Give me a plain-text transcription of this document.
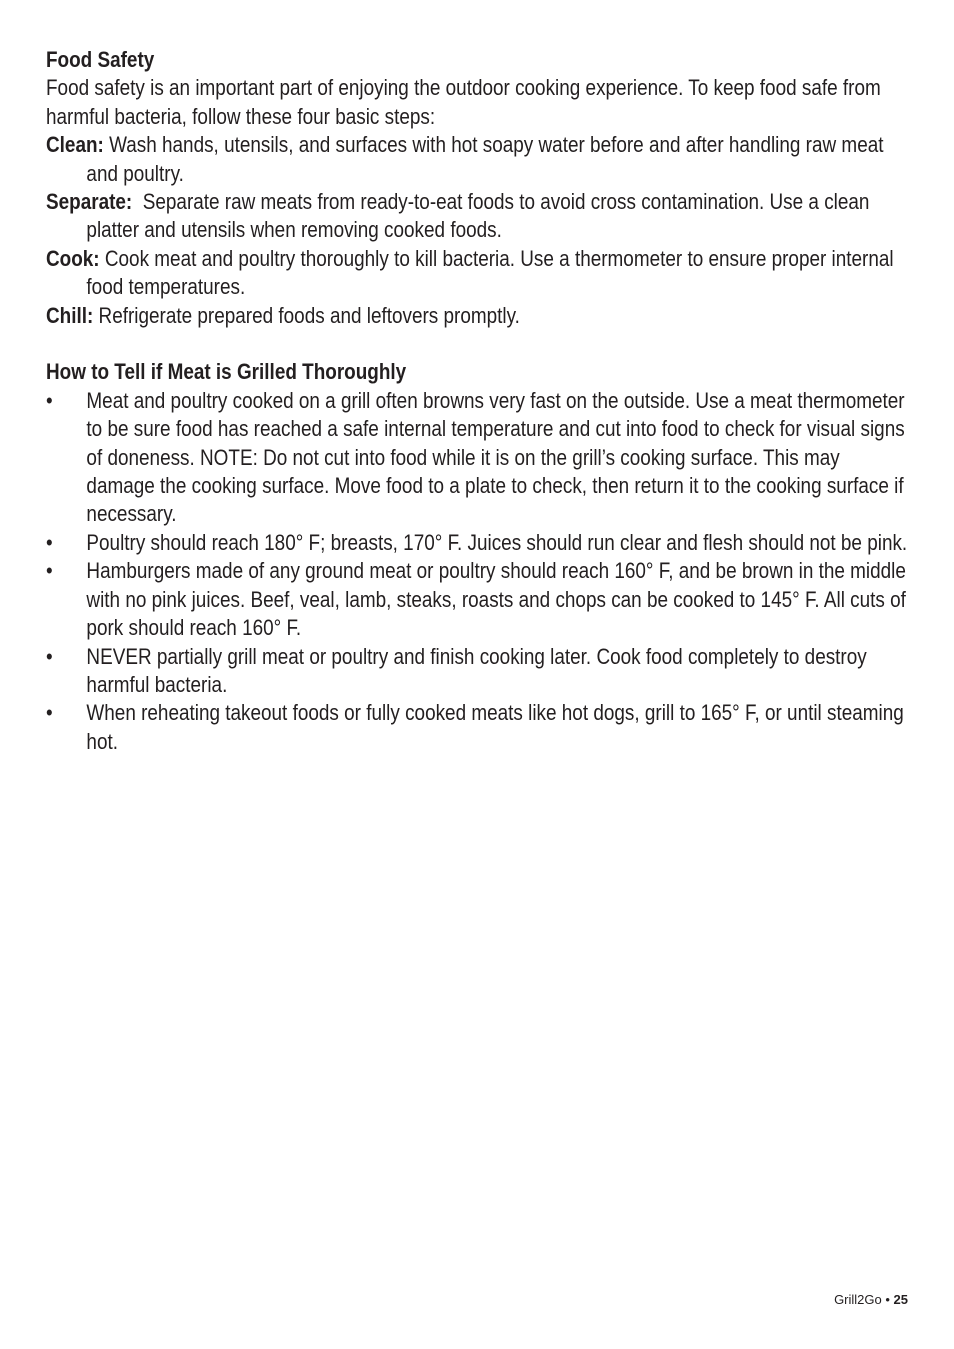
Food Safety

Food safety is an important part of enjoying the outdoor cooking experience. To keep food safe from harmful bacteria, follow these four basic steps:

Clean: Wash hands, utensils, and surfaces with hot soapy water before and after handling raw meat and poultry.

Separate:  Separate raw meats from ready-to-eat foods to avoid cross contamination. Use a clean platter and utensils when removing cooked foods.

Cook: Cook meat and poultry thoroughly to kill bacteria. Use a thermometer to ensure proper internal food temperatures.

Chill: Refrigerate prepared foods and leftovers promptly.

How to Tell if Meat is Grilled Thoroughly
• Meat and poultry cooked on a grill often browns very fast on the outside. Use a meat thermometer to be sure food has reached a safe internal temperature and cut into food to check for visual signs of doneness. NOTE: Do not cut into food while it is on the grill’s cooking surface. This may damage the cooking surface. Move food to a plate to check, then return it to the cooking surface if necessary.
• Poultry should reach 180° F; breasts, 170° F. Juices should run clear and flesh should not be pink.
• Hamburgers made of any ground meat or poultry should reach 160° F, and be brown in the middle with no pink juices. Beef, veal, lamb, steaks, roasts and chops can be cooked to 145° F. All cuts of pork should reach 160° F.
• NEVER partially grill meat or poultry and finish cooking later. Cook food completely to destroy harmful bacteria.
• When reheating takeout foods or fully cooked meats like hot dogs, grill to 165° F, or until steaming hot.
Grill2Go • 25
